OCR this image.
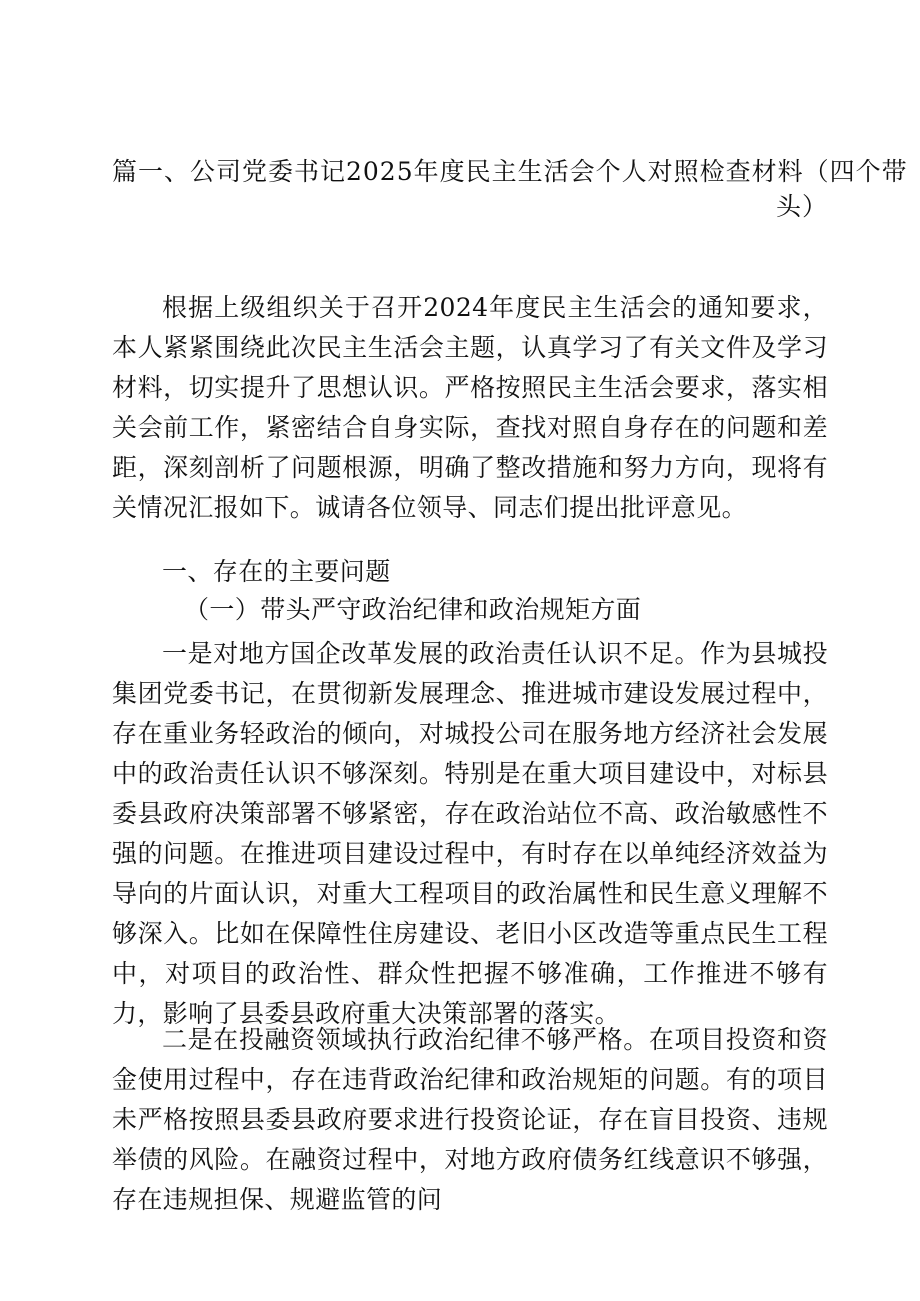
篇一、公司党委书记2025年度民主生活会个人对照检查材料（四个带
头）

根据上级组织关于召开2024年度民主生活会的通知要求，本人紧紧围绕此次民主生活会主题，认真学习了有关文件及学习材料，切实提升了思想认识。严格按照民主生活会要求，落实相关会前工作，紧密结合自身实际，查找对照自身存在的问题和差距，深刻剖析了问题根源，明确了整改措施和努力方向，现将有关情况汇报如下。诚请各位领导、同志们提出批评意见。

一、存在的主要问题

（一）带头严守政治纪律和政治规矩方面

一是对地方国企改革发展的政治责任认识不足。作为县城投集团党委书记，在贯彻新发展理念、推进城市建设发展过程中，存在重业务轻政治的倾向，对城投公司在服务地方经济社会发展中的政治责任认识不够深刻。特别是在重大项目建设中，对标县委县政府决策部署不够紧密，存在政治站位不高、政治敏感性不强的问题。在推进项目建设过程中，有时存在以单纯经济效益为导向的片面认识，对重大工程项目的政治属性和民生意义理解不够深入。比如在保障性住房建设、老旧小区改造等重点民生工程中，对项目的政治性、群众性把握不够准确，工作推进不够有力，影响了县委县政府重大决策部署的落实。

二是在投融资领域执行政治纪律不够严格。在项目投资和资金使用过程中，存在违背政治纪律和政治规矩的问题。有的项目未严格按照县委县政府要求进行投资论证，存在盲目投资、违规举债的风险。在融资过程中，对地方政府债务红线意识不够强，存在违规担保、规避监管的问
